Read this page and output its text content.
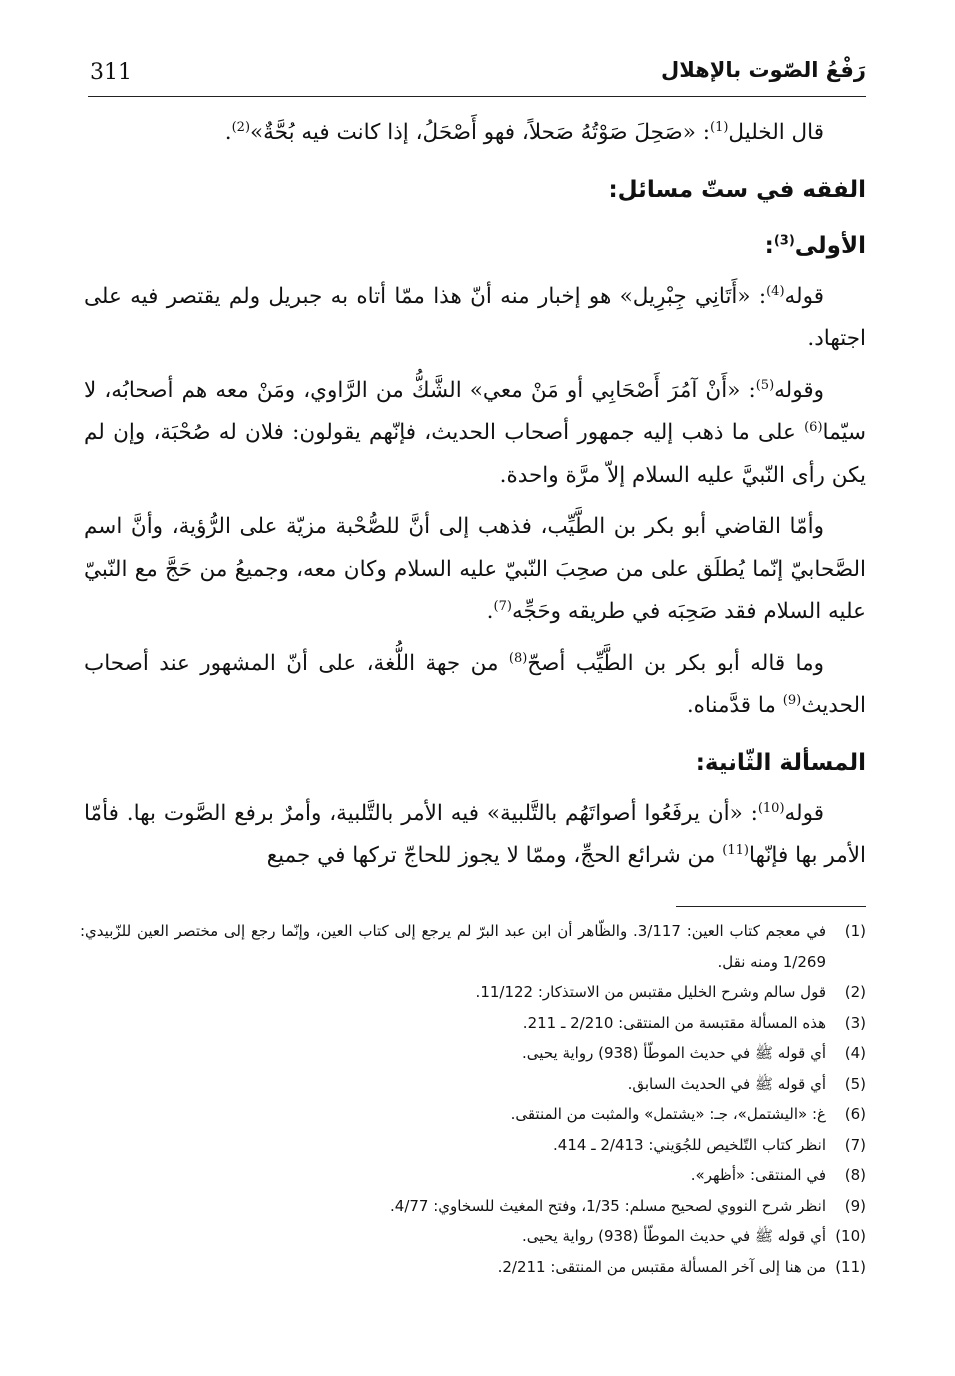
311	رَفْعُ الصّوت بالإهلال

قال الخليل$^{(1)}$: «صَحِلَ صَوْتُهُ صَحلاً، فهو أَصْحَلُ، إذا كانت فيه بُحَّةٌ»$^{(2)}$.

الفقه في ستّ مسائل:
الأولى$^{(3)}$:

قوله$^{(4)}$: «أَتَانِي جِبْرِيل» هو إخبار منه أنّ هذا ممّا أتاه به جبريل ولم يقتصر فيه على اجتهاد.

وقوله$^{(5)}$: «أَنْ آمُرَ أَصْحَابِي أو مَنْ معي» الشَّكُّ من الرَّاوي، ومَنْ معه هم أصحابُه، لا سيّما$^{(6)}$ على ما ذهب إليه جمهور أصحاب الحديث، فإنّهم يقولون: فلان له صُحْبَة، وإن لم يكن رأى النّبيَّ عليه السلام إلاّ مرَّة واحدة.

وأمّا القاضي أبو بكر بن الطَّيِّب، فذهب إلى أنَّ للصُّحْبة مزيّة على الرُّؤية، وأنَّ اسم الصَّحابيّ إنّما يُطلَق على من صحِبَ النّبيّ عليه السلام وكان معه، وجميعُ من حَجَّ مع النّبيّ عليه السلام فقد صَحِبَه في طريقه وحَجِّه$^{(7)}$.

وما قاله أبو بكر بن الطَّيِّب أصحّ$^{(8)}$ من جهة اللُّغة، على أنّ المشهور عند أصحاب الحديث$^{(9)}$ ما قدَّمناه.

المسألة الثّانية:

قوله$^{(10)}$: «أن يرفَعُوا أصواتَهُم بالتَّلبية» فيه الأمر بالتَّلبية، وأمرٌ برفع الصَّوت بها. فأمّا الأمر بها فإنّها$^{(11)}$ من شرائع الحجِّ، وممّا لا يجوز للحاجّ تركها في جميع

(1)
في معجم كتاب العين: 3/117. والظّاهر أن ابن عبد البرّ لم يرجع إلى كتاب العين، وإنّما رجع إلى مختصر العين للزّبيدي: 1/269 ومنه نقل.
(2)
قول سالم وشرح الخليل مقتبس من الاستذكار: 11/122.
(3)
هذه المسألة مقتبسة من المنتقى: 2/210 ـ 211.
(4)
أي قوله ﷺ في حديث الموطّأ (938) رواية يحيى.
(5)
أي قوله ﷺ في الحديث السابق.
(6)
غ: «اليشتمل»، جـ: «يشتمل» والمثبت من المنتقى.
(7)
انظر كتاب التّلخيص للجُوَيني: 2/413 ـ 414.
(8)
في المنتقى: «أظهر».
(9)
انظر شرح النووي لصحيح مسلم: 1/35، وفتح المغيث للسخاوي: 4/77.
(10)
أي قوله ﷺ في حديث الموطّأ (938) رواية يحيى.
(11)
من هنا إلى آخر المسألة مقتبس من المنتقى: 2/211.
